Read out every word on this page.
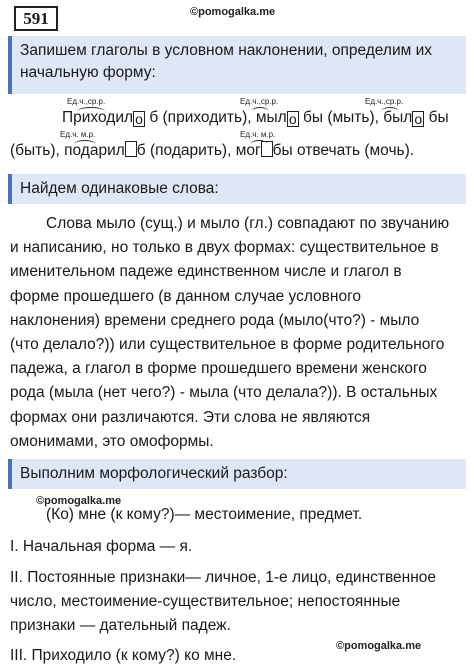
591	©pomogalka.me
Запишем глаголы в условном наклонении, определим их начальную форму:
Ед.ч.,ср.р.	Ед.ч.,ср.р.	Ед.ч.,ср.р.
Ед.ч. м.р.	Ед.ч. м.р.
Приходил о б (приходить), мыл о бы (мыть), был о бы
(быть), подарил б (подарить), мог бы отвечать (мочь).
Найдем одинаковые слова:
Слова мыло (сущ.) и мыло (гл.) совпадают по звучанию
и написанию, но только в двух формах: существительное в
именительном падеже единственном числе и глагол в
форме прошедшего (в данном случае условного
наклонения) времени среднего рода (мыло(что?) - мыло
(что делало?)) или существительное в форме родительного
падежа, а глагол в форме прошедшего времени женского
рода (мыла (нет чего?) - мыла (что делала?)). В остальных
формах они различаются. Эти слова не являются
омонимами, это омоформы.
Выполним морфологический разбор:
©pomogalka.me
(Ко) мне (к кому?)— местоимение, предмет.
I. Начальная форма — я.
II. Постоянные признаки— личное, 1-е лицо, единственное
число, местоимение-существительное; непостоянные
признаки — дательный падеж.
©pomogalka.me
III. Приходило (к кому?) ко мне.
